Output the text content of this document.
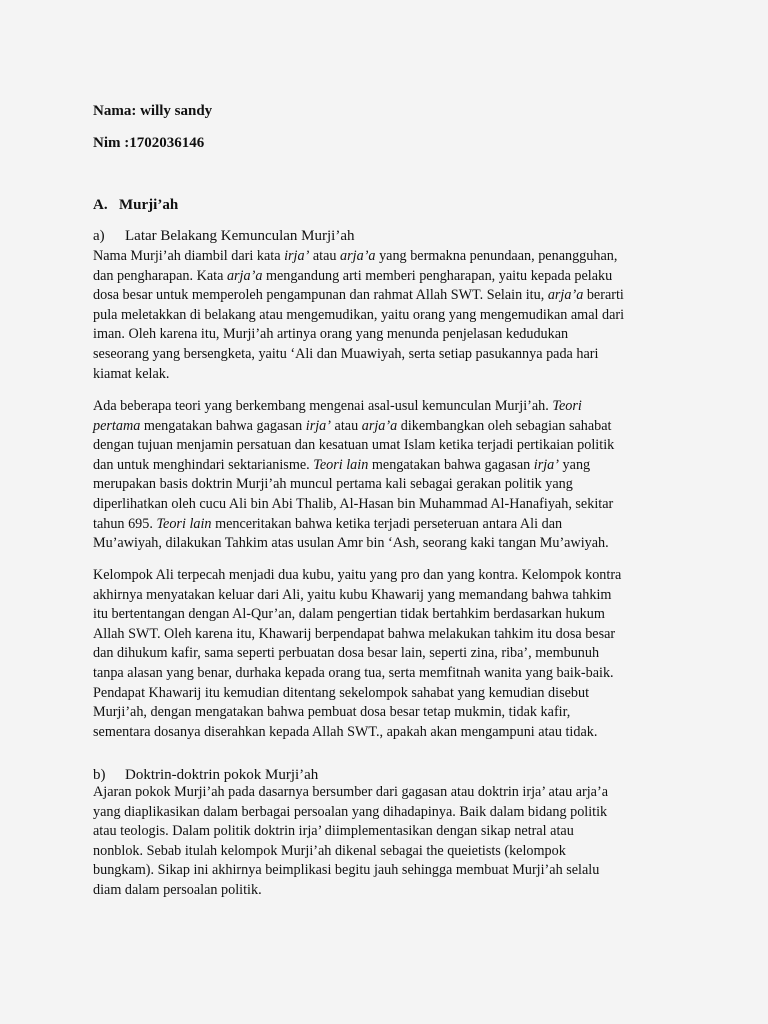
Nama: willy sandy

Nim :1702036146

A. Murji’ah

a) Latar Belakang Kemunculan Murji’ah

Nama Murji’ah diambil dari kata irja’ atau arja’a yang bermakna penundaan, penangguhan,

dan pengharapan. Kata arja’a mengandung arti memberi pengharapan, yaitu kepada pelaku

dosa besar untuk memperoleh pengampunan dan rahmat Allah SWT. Selain itu, arja’a berarti

pula meletakkan di belakang atau mengemudikan, yaitu orang yang mengemudikan amal dari

iman. Oleh karena itu, Murji’ah artinya orang yang menunda penjelasan kedudukan

seseorang yang bersengketa, yaitu ‘Ali dan Muawiyah, serta setiap pasukannya pada hari

kiamat kelak.

Ada beberapa teori yang berkembang mengenai asal-usul kemunculan Murji’ah. Teori

pertama mengatakan bahwa gagasan irja’ atau arja’a dikembangkan oleh sebagian sahabat

dengan tujuan menjamin persatuan dan kesatuan umat Islam ketika terjadi pertikaian politik

dan untuk menghindari sektarianisme. Teori lain mengatakan bahwa gagasan irja’ yang

merupakan basis doktrin Murji’ah muncul pertama kali sebagai gerakan politik yang

diperlihatkan oleh cucu Ali bin Abi Thalib, Al-Hasan bin Muhammad Al-Hanafiyah, sekitar

tahun 695. Teori lain menceritakan bahwa ketika terjadi perseteruan antara Ali dan

Mu’awiyah, dilakukan Tahkim atas usulan Amr bin ‘Ash, seorang kaki tangan Mu’awiyah.

Kelompok Ali terpecah menjadi dua kubu, yaitu yang pro dan yang kontra. Kelompok kontra

akhirnya menyatakan keluar dari Ali, yaitu kubu Khawarij yang memandang bahwa tahkim

itu bertentangan dengan Al-Qur’an, dalam pengertian tidak bertahkim berdasarkan hukum

Allah SWT. Oleh karena itu, Khawarij berpendapat bahwa melakukan tahkim itu dosa besar

dan dihukum kafir, sama seperti perbuatan dosa besar lain, seperti zina, riba’, membunuh

tanpa alasan yang benar, durhaka kepada orang tua, serta memfitnah wanita yang baik-baik.

Pendapat Khawarij itu kemudian ditentang sekelompok sahabat yang kemudian disebut

Murji’ah, dengan mengatakan bahwa pembuat dosa besar tetap mukmin, tidak kafir,

sementara dosanya diserahkan kepada Allah SWT., apakah akan mengampuni atau tidak.

b) Doktrin-doktrin pokok Murji’ah

Ajaran pokok Murji’ah pada dasarnya bersumber dari gagasan atau doktrin irja’ atau arja’a

yang diaplikasikan dalam berbagai persoalan yang dihadapinya. Baik dalam bidang politik

atau teologis. Dalam politik doktrin irja’ diimplementasikan dengan sikap netral atau

nonblok. Sebab itulah kelompok Murji’ah dikenal sebagai the queietists (kelompok

bungkam). Sikap ini akhirnya beimplikasi begitu jauh sehingga membuat Murji’ah selalu

diam dalam persoalan politik.
